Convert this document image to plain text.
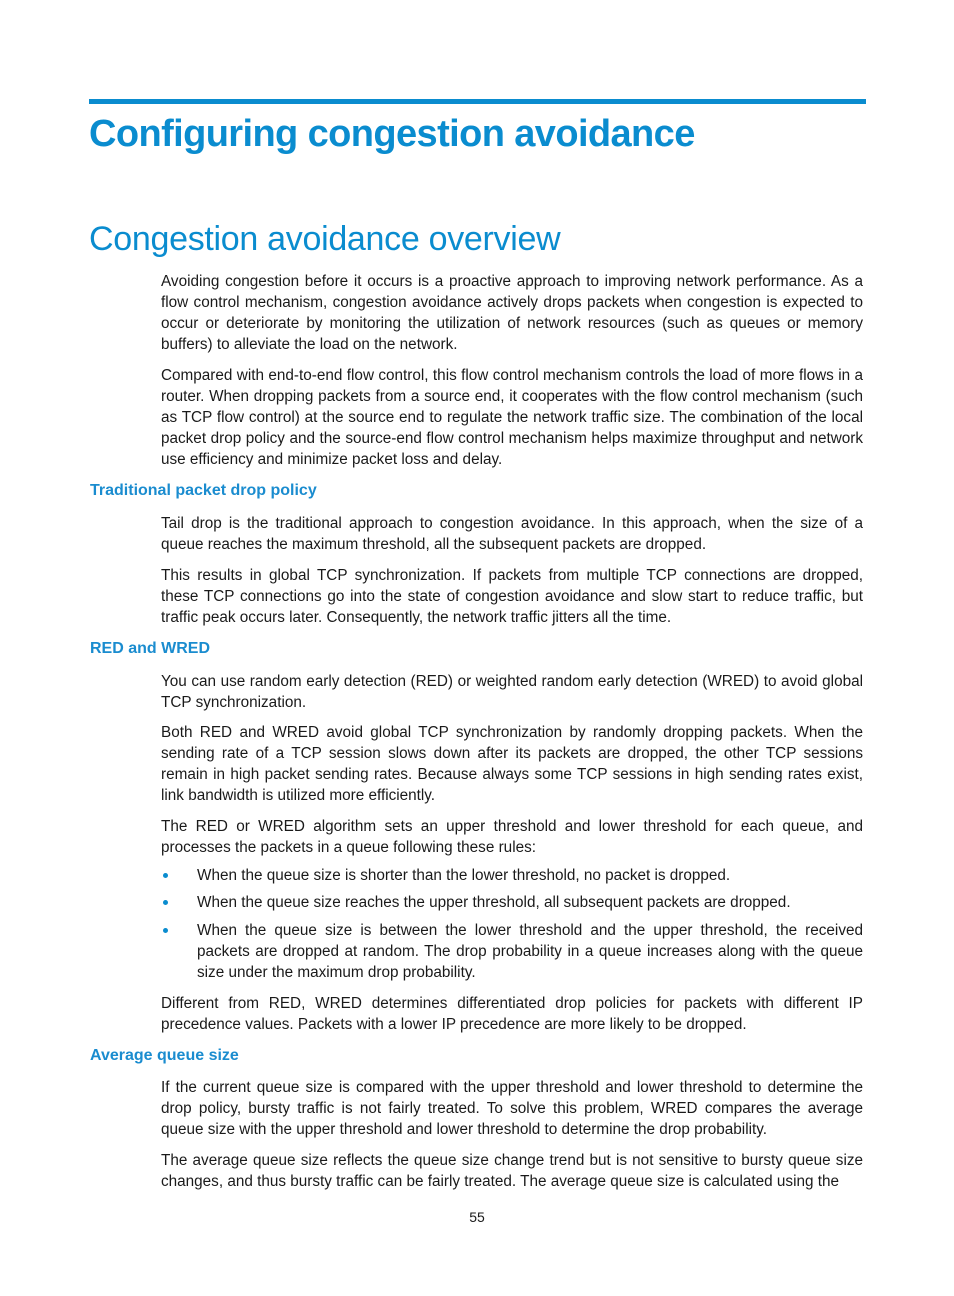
Configuring congestion avoidance
Congestion avoidance overview

Avoiding congestion before it occurs is a proactive approach to improving network performance. As a flow control mechanism, congestion avoidance actively drops packets when congestion is expected to occur or deteriorate by monitoring the utilization of network resources (such as queues or memory buffers) to alleviate the load on the network.

Compared with end-to-end flow control, this flow control mechanism controls the load of more flows in a router. When dropping packets from a source end, it cooperates with the flow control mechanism (such as TCP flow control) at the source end to regulate the network traffic size. The combination of the local packet drop policy and the source-end flow control mechanism helps maximize throughput and network use efficiency and minimize packet loss and delay.

Traditional packet drop policy

Tail drop is the traditional approach to congestion avoidance. In this approach, when the size of a queue reaches the maximum threshold, all the subsequent packets are dropped.

This results in global TCP synchronization. If packets from multiple TCP connections are dropped, these TCP connections go into the state of congestion avoidance and slow start to reduce traffic, but traffic peak occurs later. Consequently, the network traffic jitters all the time.

RED and WRED

You can use random early detection (RED) or weighted random early detection (WRED) to avoid global TCP synchronization.

Both RED and WRED avoid global TCP synchronization by randomly dropping packets. When the sending rate of a TCP session slows down after its packets are dropped, the other TCP sessions remain in high packet sending rates. Because always some TCP sessions in high sending rates exist, link bandwidth is utilized more efficiently.

The RED or WRED algorithm sets an upper threshold and lower threshold for each queue, and processes the packets in a queue following these rules:

When the queue size is shorter than the lower threshold, no packet is dropped.
When the queue size reaches the upper threshold, all subsequent packets are dropped.
When the queue size is between the lower threshold and the upper threshold, the received packets are dropped at random. The drop probability in a queue increases along with the queue size under the maximum drop probability.

Different from RED, WRED determines differentiated drop policies for packets with different IP precedence values. Packets with a lower IP precedence are more likely to be dropped.

Average queue size

If the current queue size is compared with the upper threshold and lower threshold to determine the drop policy, bursty traffic is not fairly treated. To solve this problem, WRED compares the average queue size with the upper threshold and lower threshold to determine the drop probability.

The average queue size reflects the queue size change trend but is not sensitive to bursty queue size changes, and thus bursty traffic can be fairly treated. The average queue size is calculated using the

55
